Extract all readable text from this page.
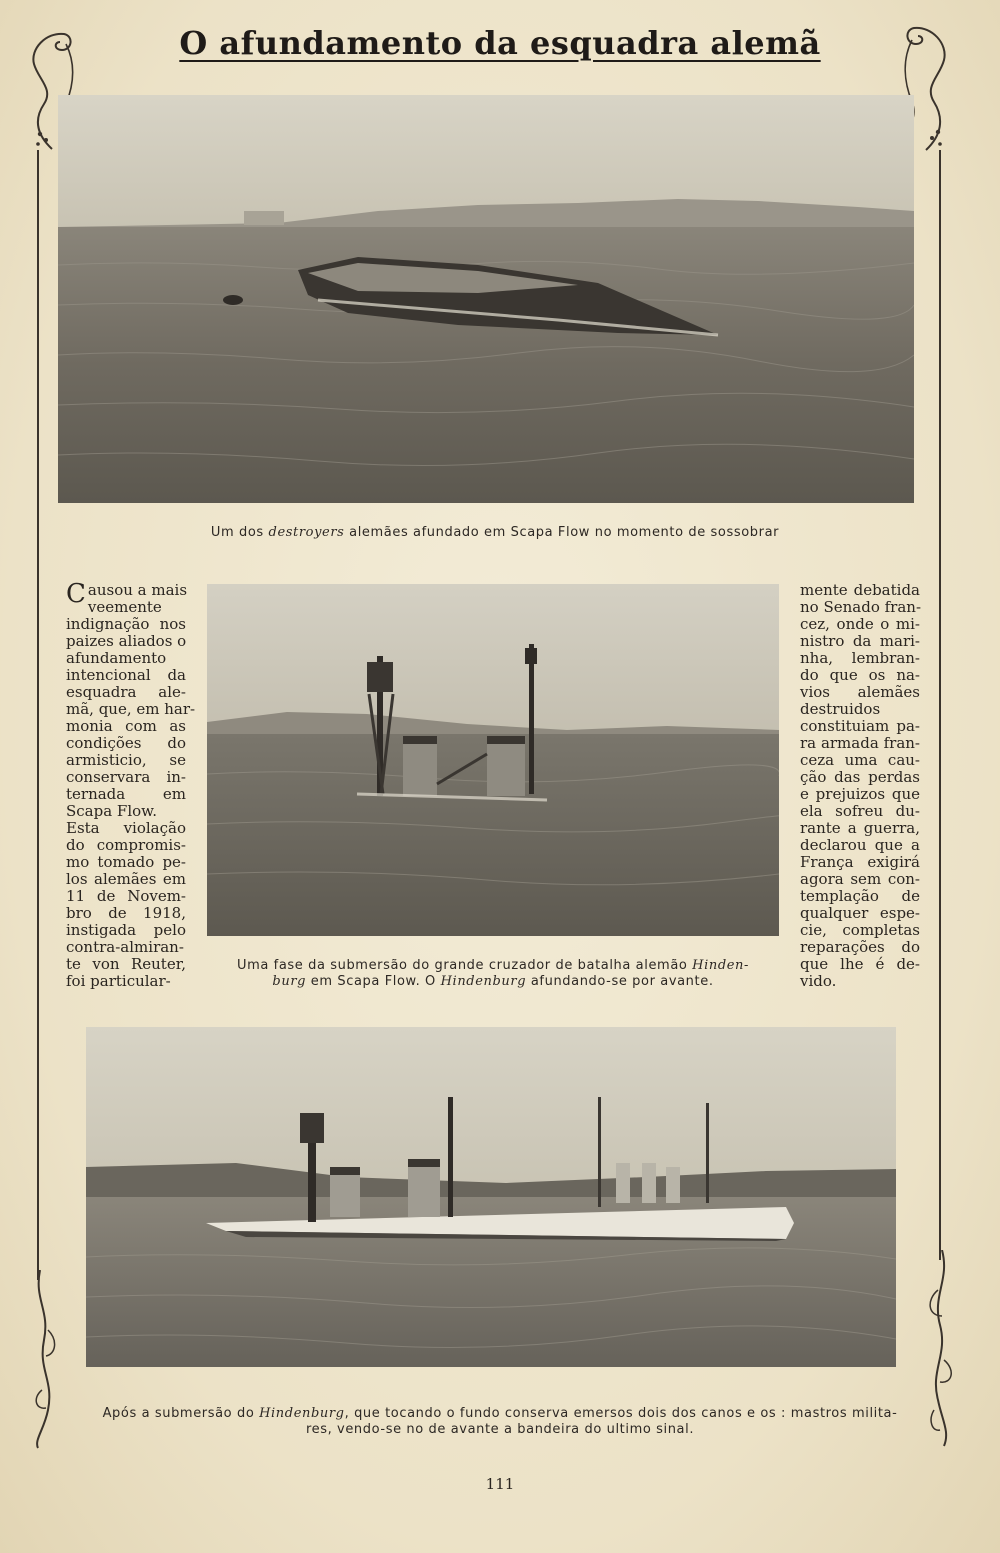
O afundamento da esquadra alemã
Um dos destroyers alemães afundado em Scapa Flow no momento de sossobrar
Causou a mais
veemente
indignação nos
paizes aliados o
afundamento
intencional da
esquadra ale-
mã, que, em har-
monia com as
condições do
armisticio, se
conservara in-
ternada em
Scapa Flow.
Esta violação
do compromis-
mo tomado pe-
los alemães em
11 de Novem-
bro de 1918,
instigada pelo
contra-almiran-
te von Reuter,
foi particular-
Uma fase da submersão do grande cruzador de batalha alemão Hinden-
burg em Scapa Flow. O Hindenburg afundando-se por avante.
mente debatida
no Senado fran-
cez, onde o mi-
nistro da mari-
nha, lembran-
do que os na-
vios alemães
destruidos
constituiam pa-
ra armada fran-
ceza uma cau-
ção das perdas
e prejuizos que
ela sofreu du-
rante a guerra,
declarou que a
França exigirá
agora sem con-
templação de
qualquer espe-
cie, completas
reparações do
que lhe é de-
vido.
Após a submersão do Hindenburg, que tocando o fundo conserva emersos dois dos canos e os : mastros milita-
res, vendo-se no de avante a bandeira do ultimo sinal.
111
